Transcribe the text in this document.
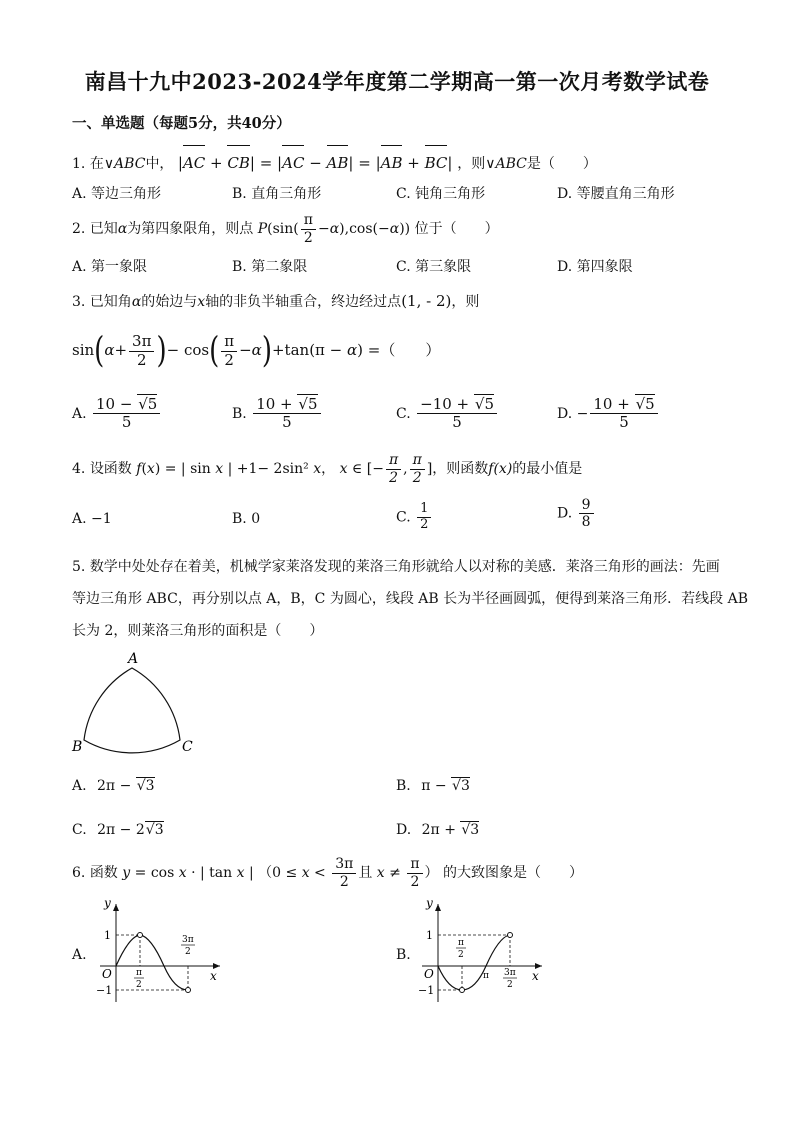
南昌十九中2023-2024学年度第二学期高一第一次月考数学试卷
一、单选题（每题5分，共40分）
1. 在∨ABC中， |AC + CB| = |AC − AB| = |AB + BC| ，则∨ABC是（　　）
A. 等边三角形	B. 直角三角形	C. 钝角三角形	D. 等腰直角三角形
2. 已知α为第四象限角，则点 $P(\sin( \frac{\pi}{2} -\alpha),\cos(-\alpha))$ 位于（　　）
A. 第一象限	B. 第二象限	C. 第三象限	D. 第四象限
3. 已知角α的始边与x轴的非负半轴重合，终边经过点(1, - 2)，则
$\sin(\alpha+ \frac{3\pi}{2}$ )− $\cos( \frac{\pi}{2} -\alpha)+\tan(\pi - \alpha)$ =（　　）
A. $\frac{10 - √5}{5}$	B. $\frac{10 + √5}{5}$	C. $\frac{-10 + √5}{5}$	D. − $\frac{10 + √5}{5}$
4. 设函数 f(x) = | sin x | +1− 2sin² x， x ∈ [− $\frac{\pi}{2}$ , $\frac{\pi}{2}$ ]，则函数f(x)的最小值是
A. −1	B. 0	C. $\frac{1}{2}$	D. $\frac{9}{8}$
5. 数学中处处存在着美，机械学家莱洛发现的莱洛三角形就给人以对称的美感．莱洛三角形的画法：先画
等边三角形 ABC，再分别以点 A，B，C 为圆心，线段 AB 长为半径画圆弧，便得到莱洛三角形．若线段 AB
长为 2，则莱洛三角形的面积是（　　）
A
B	C
A. 2π − √3	B. π − √3
C. 2π − 2√3	D. 2π + √3
6. 函数 y = cos x · | tan x | （$0 \le x < \frac{3\pi}{2}$ 且 $x \ne \frac{\pi}{2}$ ） 的大致图象是（　　）
A.
y
x
O
1
−1
π
2
3π
2	B.
y
x
O
1
−1
π
2
π 3π
2
